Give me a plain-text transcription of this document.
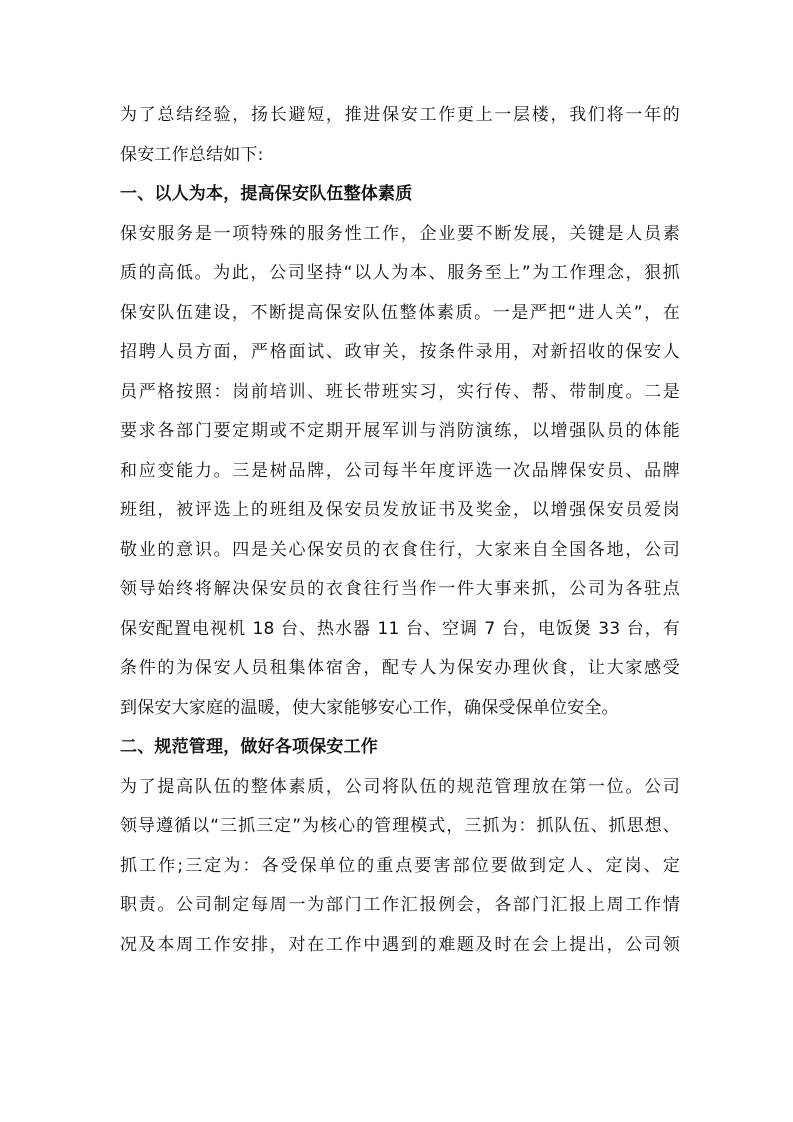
为了总结经验，扬长避短，推进保安工作更上一层楼，我们将一年的
保安工作总结如下:
一、以人为本，提高保安队伍整体素质
保安服务是一项特殊的服务性工作，企业要不断发展，关键是人员素
质的高低。为此，公司坚持“以人为本、服务至上”为工作理念，狠抓
保安队伍建设，不断提高保安队伍整体素质。一是严把“进人关”，在
招聘人员方面，严格面试、政审关，按条件录用，对新招收的保安人
员严格按照：岗前培训、班长带班实习，实行传、帮、带制度。二是
要求各部门要定期或不定期开展军训与消防演练，以增强队员的体能
和应变能力。三是树品牌，公司每半年度评选一次品牌保安员、品牌
班组，被评选上的班组及保安员发放证书及奖金，以增强保安员爱岗
敬业的意识。四是关心保安员的衣食住行，大家来自全国各地，公司
领导始终将解决保安员的衣食往行当作一件大事来抓，公司为各驻点
保安配置电视机 18 台、热水器 11 台、空调 7 台，电饭煲 33 台，有
条件的为保安人员租集体宿舍，配专人为保安办理伙食，让大家感受
到保安大家庭的温暖，使大家能够安心工作，确保受保单位安全。
二、规范管理，做好各项保安工作
为了提高队伍的整体素质，公司将队伍的规范管理放在第一位。公司
领导遵循以“三抓三定”为核心的管理模式，三抓为：抓队伍、抓思想、
抓工作;三定为：各受保单位的重点要害部位要做到定人、定岗、定
职责。公司制定每周一为部门工作汇报例会，各部门汇报上周工作情
况及本周工作安排，对在工作中遇到的难题及时在会上提出，公司领
